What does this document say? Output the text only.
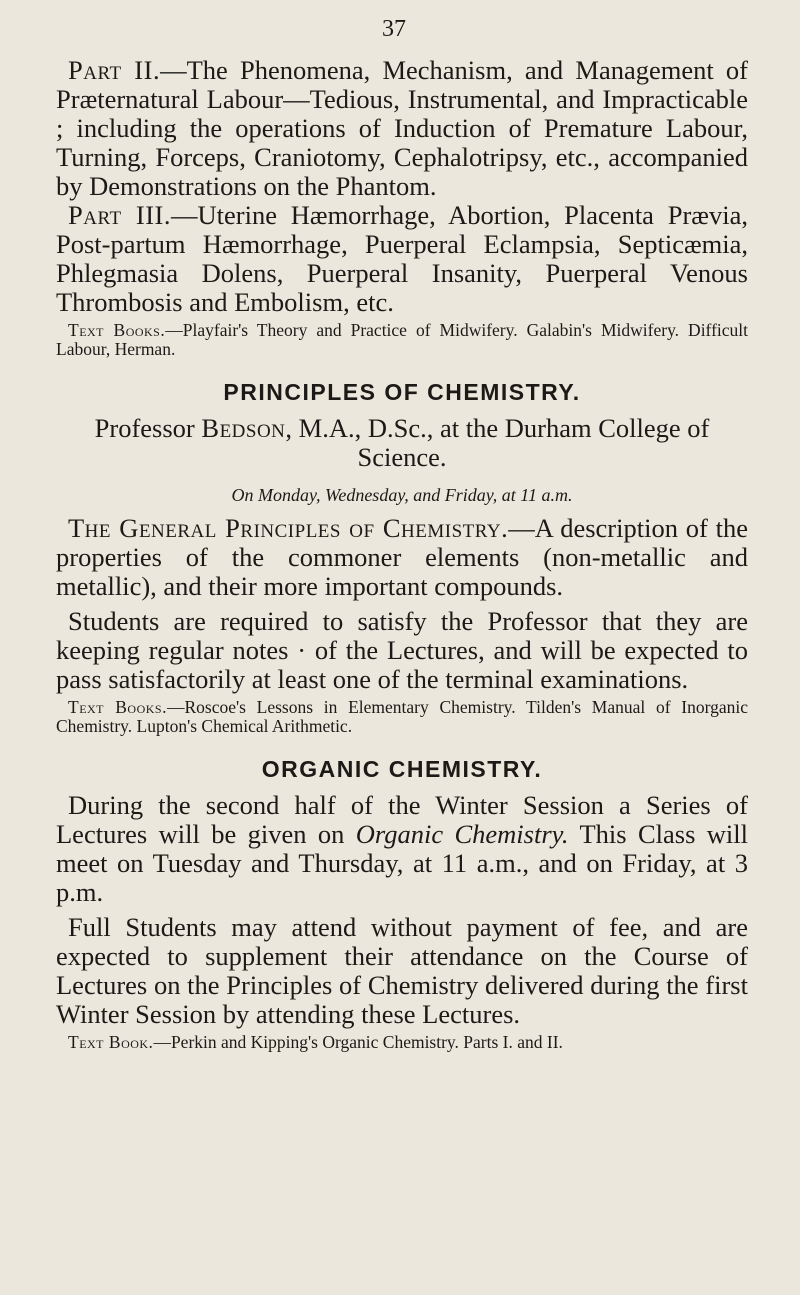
37

Part II.—The Phenomena, Mechanism, and Management of Præternatural Labour—Tedious, Instrumental, and Impracticable ; including the operations of Induction of Premature Labour, Turning, Forceps, Craniotomy, Cephalotripsy, etc., accompanied by Demonstrations on the Phantom.

Part III.—Uterine Hæmorrhage, Abortion, Placenta Prævia, Post-partum Hæmorrhage, Puerperal Eclampsia, Septicæmia, Phlegmasia Dolens, Puerperal Insanity, Puerperal Venous Thrombosis and Embolism, etc.

Text Books.—Playfair's Theory and Practice of Midwifery. Galabin's Midwifery. Difficult Labour, Herman.

PRINCIPLES OF CHEMISTRY.

Professor Bedson, M.A., D.Sc., at the Durham College of Science.

On Monday, Wednesday, and Friday, at 11 a.m.

The General Principles of Chemistry.—A description of the properties of the commoner elements (non-metallic and metallic), and their more important compounds.

Students are required to satisfy the Professor that they are keeping regular notes · of the Lectures, and will be expected to pass satisfactorily at least one of the terminal examinations.

Text Books.—Roscoe's Lessons in Elementary Chemistry. Tilden's Manual of Inorganic Chemistry. Lupton's Chemical Arithmetic.

ORGANIC CHEMISTRY.

During the second half of the Winter Session a Series of Lectures will be given on Organic Chemistry. This Class will meet on Tuesday and Thursday, at 11 a.m., and on Friday, at 3 p.m.

Full Students may attend without payment of fee, and are expected to supplement their attendance on the Course of Lectures on the Principles of Chemistry delivered during the first Winter Session by attending these Lectures.

Text Book.—Perkin and Kipping's Organic Chemistry. Parts I. and II.
